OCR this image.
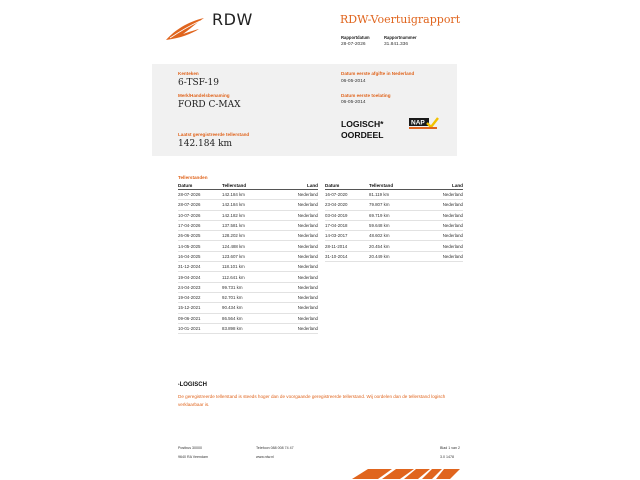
RDW	RDW-Voertuigrapport
Rapportdatum	Rapportnummer
28-07-2026	31.841.336
Kenteken
6-TSF-19
Merk/Handelsbenaming
FORD C-MAX
Laatst geregistreerde tellerstand
142.184 km
Datum eerste afgifte in Nederland
06-05-2014
Datum eerste toelating
06-05-2014
LOGISCH*
OORDEEL
NAP
Tellerstanden
Datum	Tellerstand	Land
28-07-2026	142.184 km	Nederland
28-07-2026	142.184 km	Nederland
10-07-2026	142.182 km	Nederland
17-04-2026	137.581 km	Nederland
26-06-2025	128.202 km	Nederland
14-05-2025	124.488 km	Nederland
16-04-2025	123.607 km	Nederland
31-12-2024	118.101 km	Nederland
19-04-2024	112.641 km	Nederland
24-04-2023	99.731 km	Nederland
19-04-2022	92.701 km	Nederland
15-12-2021	90.434 km	Nederland
09-06-2021	86.564 km	Nederland
10-01-2021	83.898 km	Nederland
Datum	Tellerstand	Land
16-07-2020	81.119 km	Nederland
23-04-2020	79.807 km	Nederland
03-04-2019	69.719 km	Nederland
17-04-2018	59.648 km	Nederland
14-03-2017	48.602 km	Nederland
28-11-2014	20.454 km	Nederland
31-10-2014	20.449 km	Nederland
*LOGISCH
De geregistreerde tellerstand is steeds hoger dan de voorgaande geregistreerde tellerstand. Wij oordelen dan de tellerstand logisch verklaarbaar is.
Postbus 30000
9640 RA Veendam
Telefoon 088 008 74 47
www.rdw.nl
Blad 1 van 2
3.0 1478
